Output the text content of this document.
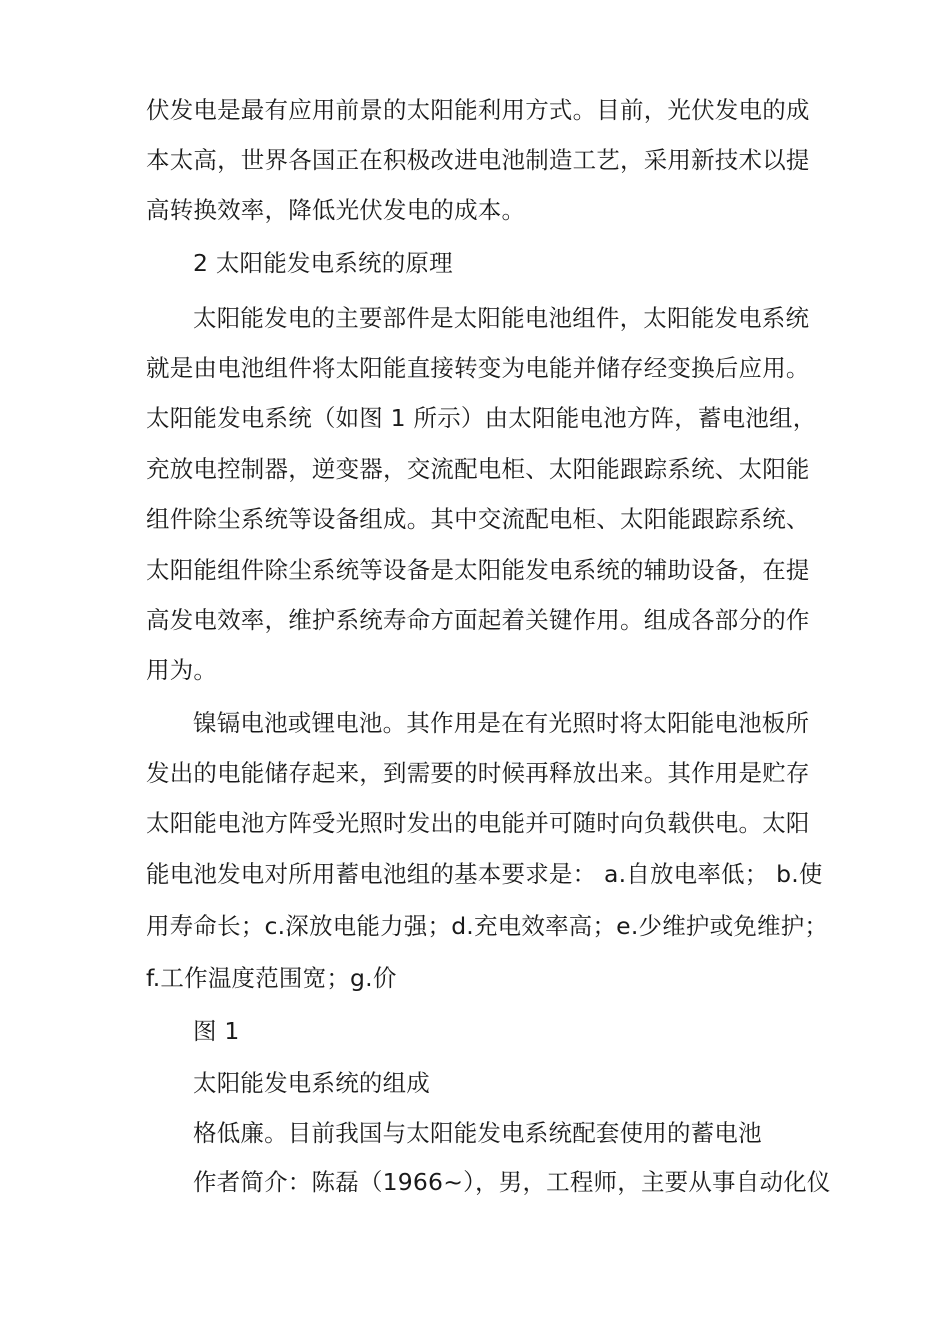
伏发电是最有应用前景的太阳能利用方式。目前，光伏发电的成
本太高，世界各国正在积极改进电池制造工艺，采用新技术以提
高转换效率，降低光伏发电的成本。
2 太阳能发电系统的原理
太阳能发电的主要部件是太阳能电池组件，太阳能发电系统
就是由电池组件将太阳能直接转变为电能并储存经变换后应用。
太阳能发电系统（如图 1 所示）由太阳能电池方阵，蓄电池组，
充放电控制器，逆变器，交流配电柜、太阳能跟踪系统、太阳能
组件除尘系统等设备组成。其中交流配电柜、太阳能跟踪系统、
太阳能组件除尘系统等设备是太阳能发电系统的辅助设备，在提
高发电效率，维护系统寿命方面起着关键作用。组成各部分的作
用为。
镍镉电池或锂电池。其作用是在有光照时将太阳能电池板所
发出的电能储存起来，到需要的时候再释放出来。其作用是贮存
太阳能电池方阵受光照时发出的电能并可随时向负载供电。太阳
能电池发电对所用蓄电池组的基本要求是： a.自放电率低； b.使
用寿命长；c.深放电能力强；d.充电效率高；e.少维护或免维护；
f.工作温度范围宽；g.价
图 1
太阳能发电系统的组成
格低廉。目前我国与太阳能发电系统配套使用的蓄电池
作者简介：陈磊（1966~），男，工程师，主要从事自动化仪
